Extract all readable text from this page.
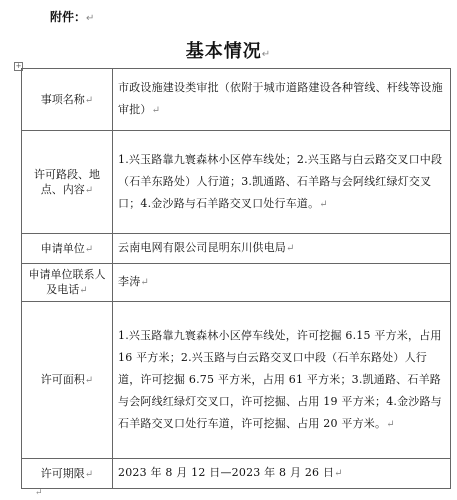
附件：↵
基本情况↵
+
事项名称↵	市政设施建设类审批（依附于城市道路建设各种管线、杆线等设施审批）↵
许可路段、地点、内容↵	1.兴玉路靠九寰森林小区停车线处；2.兴玉路与白云路交叉口中段（石羊东路处）人行道；3.凯通路、石羊路与会阿线红绿灯交叉口；4.金沙路与石羊路交叉口处行车道。↵
申请单位↵	云南电网有限公司昆明东川供电局↵
申请单位联系人及电话↵	李涛↵
许可面积↵	1.兴玉路靠九寰森林小区停车线处，许可挖掘 6.15 平方米，占用 16 平方米；2.兴玉路与白云路交叉口中段（石羊东路处）人行道，许可挖掘 6.75 平方米，占用 61 平方米；3.凯通路、石羊路与会阿线红绿灯交叉口，许可挖掘、占用 19 平方米；4.金沙路与石羊路交叉口处行车道，许可挖掘、占用 20 平方米。↵
许可期限↵	2023 年 8 月 12 日—2023 年 8 月 26 日↵
↵
